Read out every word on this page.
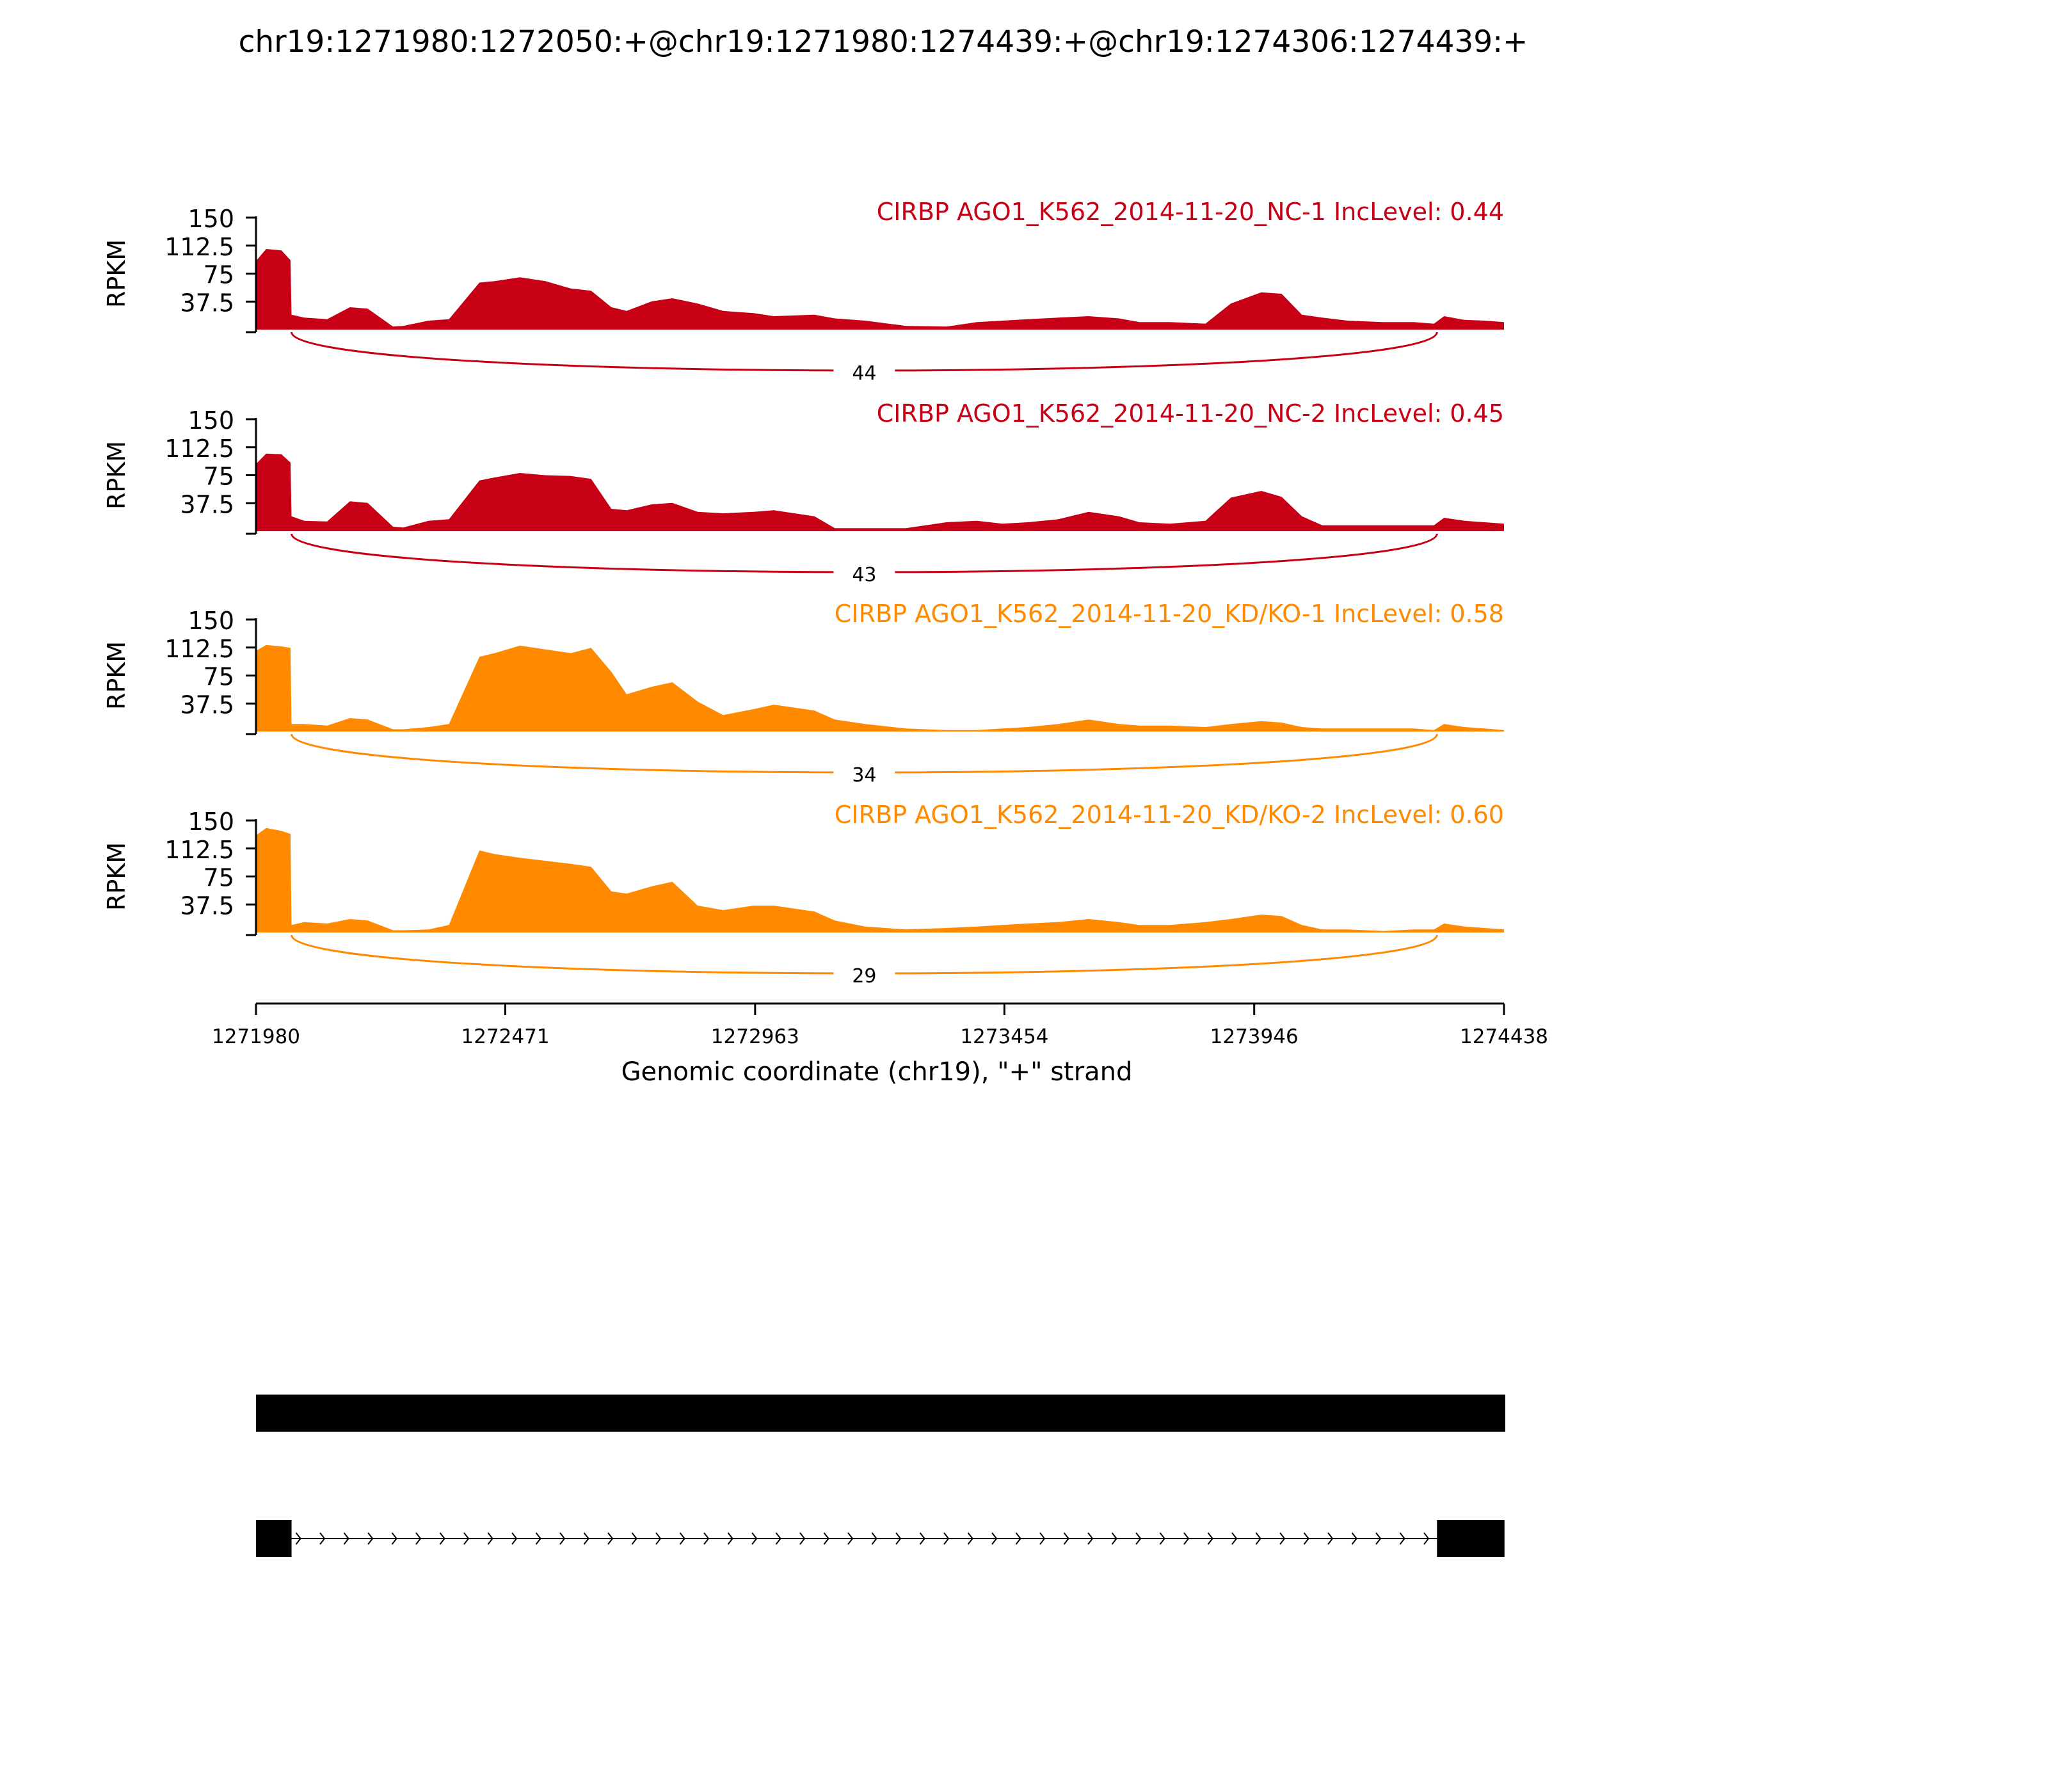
chr19:1271980:1272050:+@chr19:1271980:1274439:+@chr19:1274306:1274439:+
37.5
75
112.5
150
RPKM
CIRBP AGO1_K562_2014-11-20_NC-1 IncLevel: 0.44
44
37.5
75
112.5
150
RPKM
CIRBP AGO1_K562_2014-11-20_NC-2 IncLevel: 0.45
43
37.5
75
112.5
150
RPKM
CIRBP AGO1_K562_2014-11-20_KD/KO-1 IncLevel: 0.58
34
37.5
75
112.5
150
RPKM
CIRBP AGO1_K562_2014-11-20_KD/KO-2 IncLevel: 0.60
29
1271980	1272471	1272963	1273454	1273946	1274438
Genomic coordinate (chr19), "+" strand
